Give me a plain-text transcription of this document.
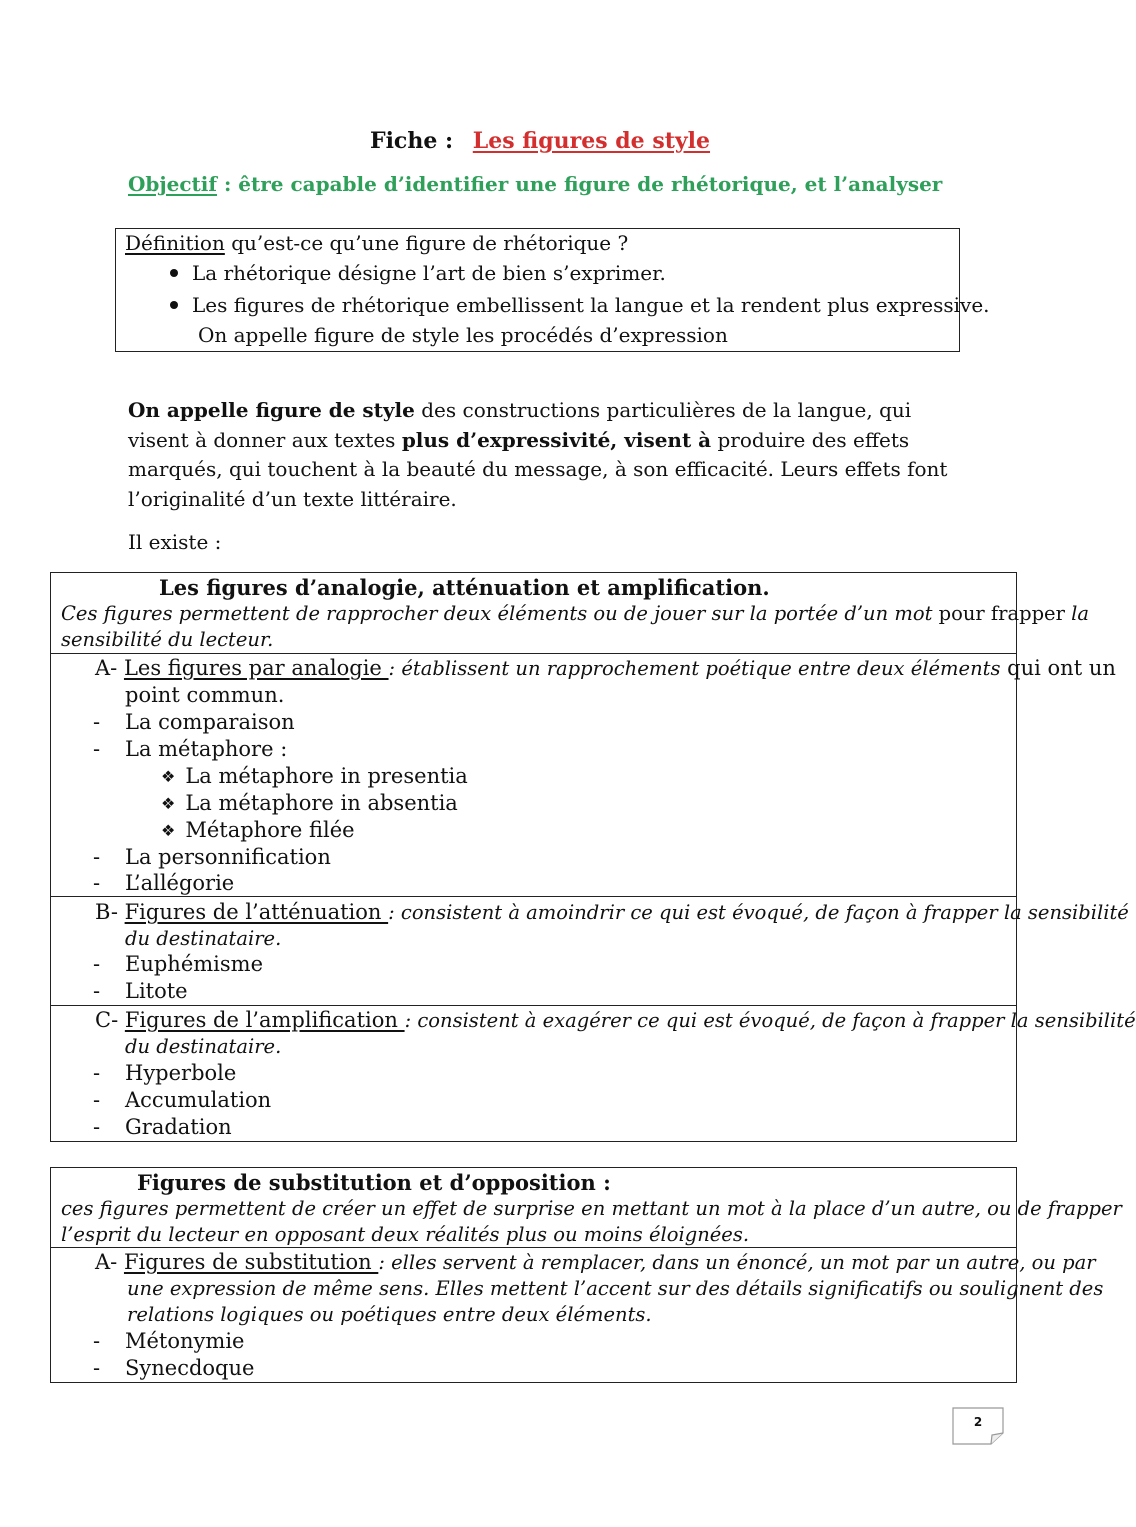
Fiche : Les figures de style
Objectif : être capable d’identifier une figure de rhétorique, et l’analyser
Définition qu’est-ce qu’une figure de rhétorique ?
La rhétorique désigne l’art de bien s’exprimer.
Les figures de rhétorique embellissent la langue et la rendent plus expressive.
On appelle figure de style les procédés d’expression
On appelle figure de style des constructions particulières de la langue, qui visent à donner aux textes plus d’expressivité, visent à produire des effets marqués, qui touchent à la beauté du message, à son efficacité. Leurs effets font l’originalité d’un texte littéraire.
Il existe :
Les figures d’analogie, atténuation et amplification.
Ces figures permettent de rapprocher deux éléments ou de jouer sur la portée d’un mot pour frapper la
sensibilité du lecteur.
A- Les figures par analogie : établissent un rapprochement poétique entre deux éléments qui ont un
point commun.
- La comparaison
- La métaphore :
❖ La métaphore in presentia
❖ La métaphore in absentia
❖ Métaphore filée
- La personnification
- L’allégorie
B- Figures de l’atténuation : consistent à amoindrir ce qui est évoqué, de façon à frapper la sensibilité
du destinataire.
- Euphémisme
- Litote
C- Figures de l’amplification : consistent à exagérer ce qui est évoqué, de façon à frapper la sensibilité
du destinataire.
- Hyperbole
- Accumulation
- Gradation
Figures de substitution et d’opposition :
ces figures permettent de créer un effet de surprise en mettant un mot à la place d’un autre, ou de frapper
l’esprit du lecteur en opposant deux réalités plus ou moins éloignées.
A- Figures de substitution : elles servent à remplacer, dans un énoncé, un mot par un autre, ou par
une expression de même sens. Elles mettent l’accent sur des détails significatifs ou soulignent des
relations logiques ou poétiques entre deux éléments.
- Métonymie
- Synecdoque
2
